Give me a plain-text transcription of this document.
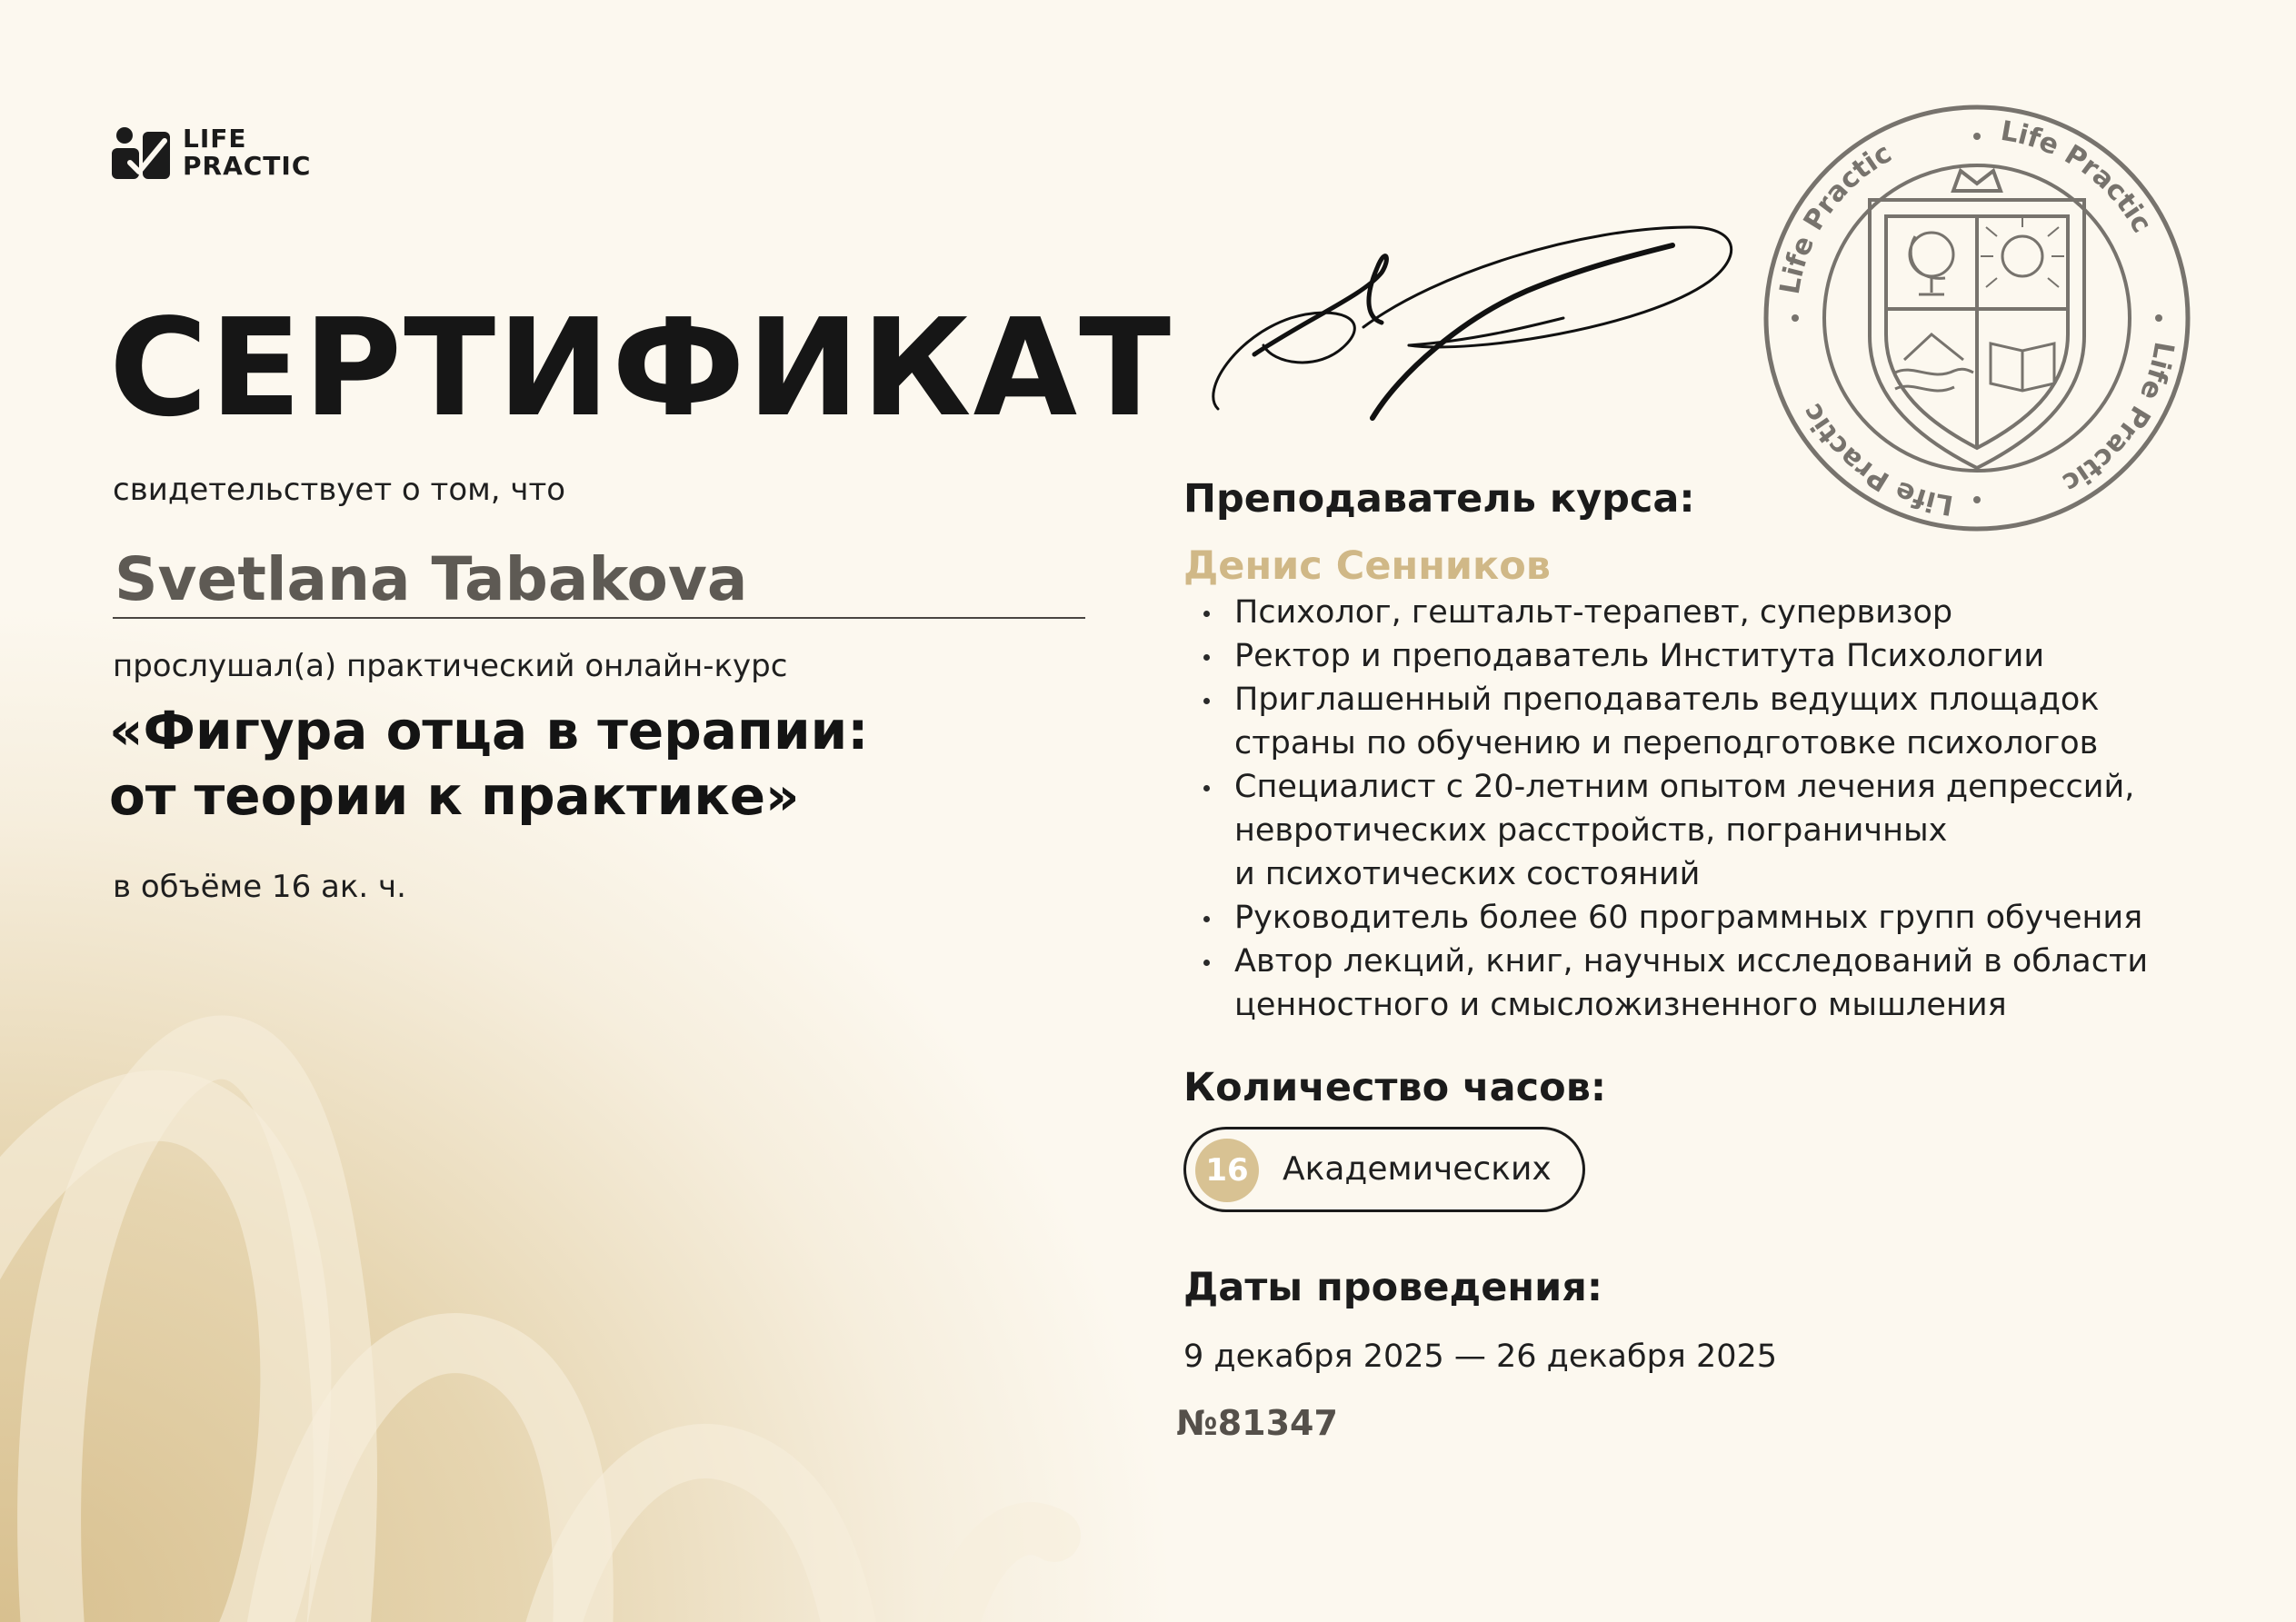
LIFE
PRACTIC
СЕРТИФИКАТ
свидетельствует о том, что
Svetlana Tabakova
прослушал(а) практический онлайн-курс
«Фигура отца в терапии:
от теории к практике»
в объёме 16 ак. ч.
Life Practic
Life Practic
Life Practic
Life Practic
Преподаватель курса:
Денис Сенников
Психолог, гештальт-терапевт, супервизор
Ректор и преподаватель Института Психологии
Приглашенный преподаватель ведущих площадок
страны по обучению и переподготовке психологов
Специалист с 20-летним опытом лечения депрессий,
невротических расстройств, пограничных
и психотических состояний
Руководитель более 60 программных групп обучения
Автор лекций, книг, научных исследований в области
ценностного и смысложизненного мышления
Количество часов:
16	Академических
Даты проведения:
9 декабря 2025 — 26 декабря 2025
№81347
